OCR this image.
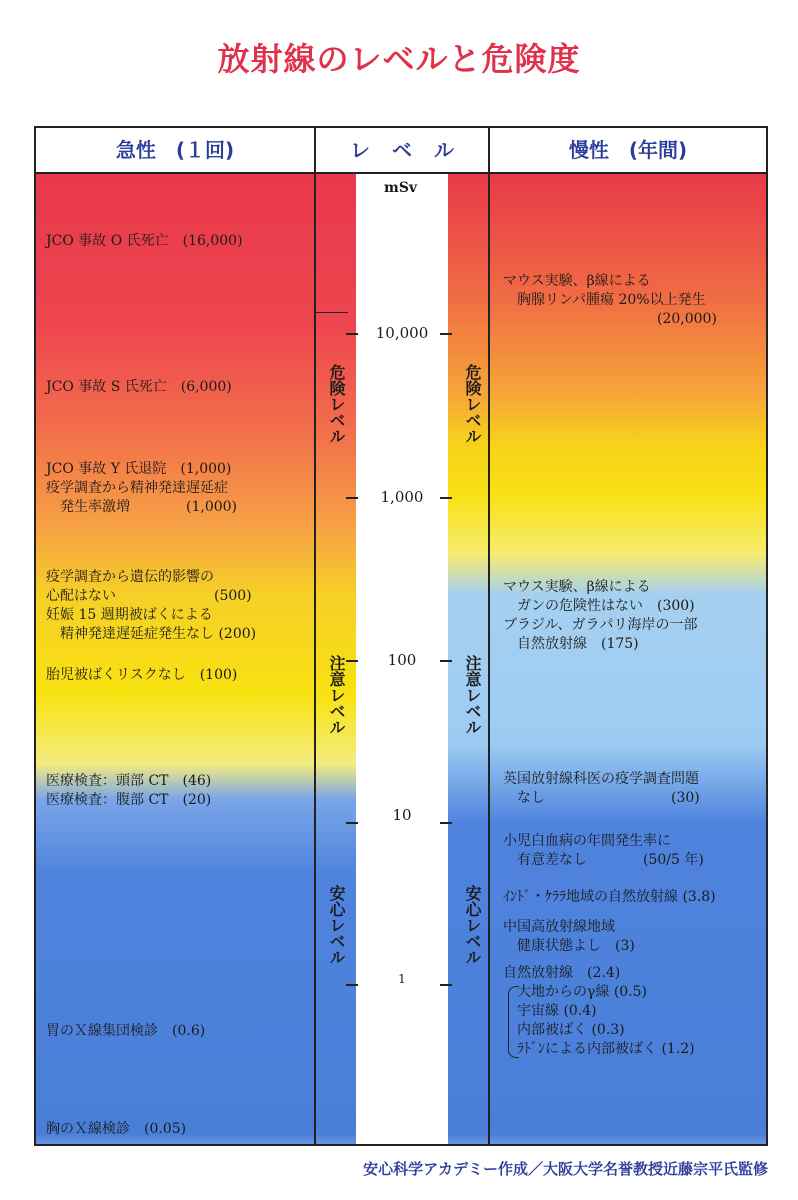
放射線のレベルと危険度
急性　(１回)	レベル	慢性　(年間)
mSv
10,000
1,000
100
10
1
危険レベル
注意レベル
安心レベル
危険レベル
注意レベル
安心レベル
JCO 事故 O 氏死亡　(16,000)
JCO 事故 S 氏死亡　(6,000)
JCO 事故 Y 氏退院　(1,000)
疫学調査から精神発達遅延症
　発生率激増　　　　(1,000)
疫学調査から遺伝的影響の
心配はない　　　　　　　(500)
妊娠 15 週期被ばくによる
　精神発達遅延症発生なし (200)
胎児被ばくリスクなし　(100)
医療検査：頭部 CT　(46)
医療検査：腹部 CT　(20)
胃のＸ線集団検診　(0.6)
胸のＸ線検診　(0.05)
マウス実験、β線による
　胸腺リンパ腫瘍 20%以上発生
　　　　　　　　　　　(20,000)
マウス実験、β線による
　ガンの危険性はない　(300)
ブラジル、ガラパリ海岸の一部
　自然放射線　(175)
英国放射線科医の疫学調査問題
　なし　　　　　　　　　(30)
小児白血病の年間発生率に
　有意差なし　　　　(50/5 年)
ｲﾝﾄﾞ・ｹﾗﾗ地域の自然放射線 (3.8)
中国高放射線地域
　健康状態よし　(3)
自然放射線　(2.4)
　大地からのγ線 (0.5)
　宇宙線 (0.4)
　内部被ばく (0.3)
　ﾗﾄﾞﾝによる内部被ばく (1.2)
安心科学アカデミー作成／大阪大学名誉教授近藤宗平氏監修
